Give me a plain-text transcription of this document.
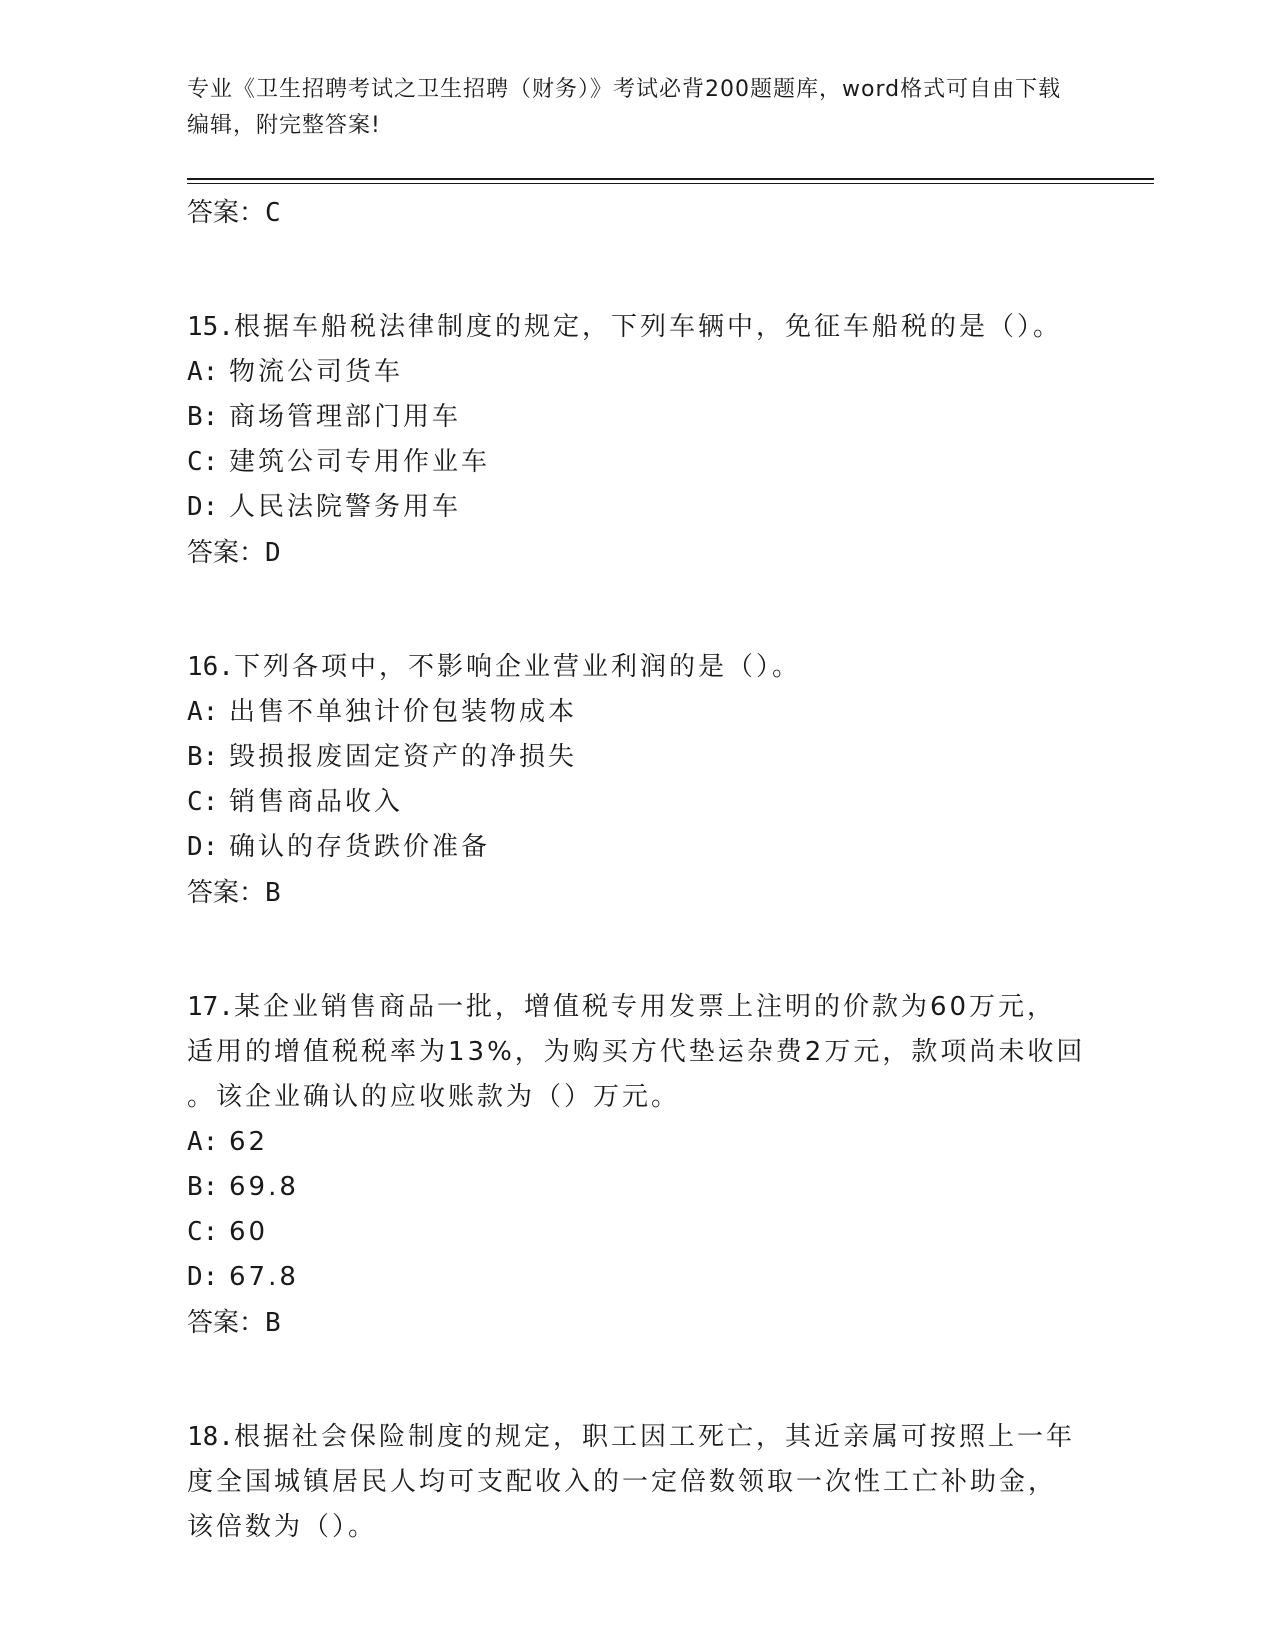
专业《卫生招聘考试之卫生招聘（财务）》考试必背200题题库，word格式可自由下载编辑，附完整答案!
答案：C
15.根据车船税法律制度的规定，下列车辆中，免征车船税的是（）。
A: 物流公司货车
B: 商场管理部门用车
C: 建筑公司专用作业车
D: 人民法院警务用车
答案：D
16.下列各项中，不影响企业营业利润的是（）。
A: 出售不单独计价包装物成本
B: 毁损报废固定资产的净损失
C: 销售商品收入
D: 确认的存货跌价准备
答案：B
17.某企业销售商品一批，增值税专用发票上注明的价款为60万元，
适用的增值税税率为13%，为购买方代垫运杂费2万元，款项尚未收回
。该企业确认的应收账款为（）万元。
A: 62
B: 69.8
C: 60
D: 67.8
答案：B
18.根据社会保险制度的规定，职工因工死亡，其近亲属可按照上一年
度全国城镇居民人均可支配收入的一定倍数领取一次性工亡补助金，
该倍数为（）。
